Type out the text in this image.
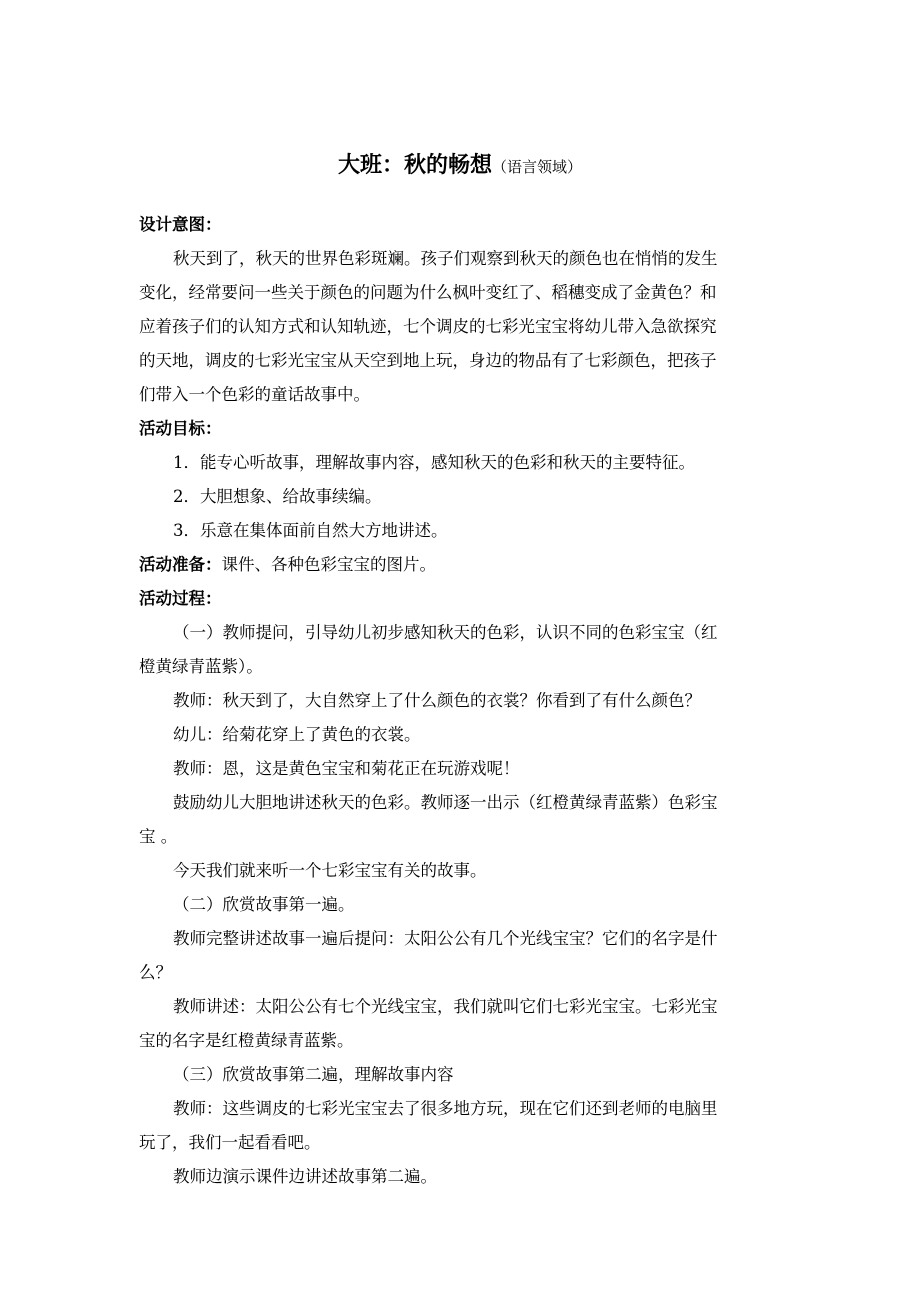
大班：秋的畅想（语言领域）
设计意图：
秋天到了，秋天的世界色彩斑斓。孩子们观察到秋天的颜色也在悄悄的发生
变化，经常要问一些关于颜色的问题为什么枫叶变红了、稻穗变成了金黄色？和
应着孩子们的认知方式和认知轨迹，七个调皮的七彩光宝宝将幼儿带入急欲探究
的天地，调皮的七彩光宝宝从天空到地上玩，身边的物品有了七彩颜色，把孩子
们带入一个色彩的童话故事中。
活动目标：
1．能专心听故事，理解故事内容，感知秋天的色彩和秋天的主要特征。
2．大胆想象、给故事续编。
3．乐意在集体面前自然大方地讲述。
活动准备：课件、各种色彩宝宝的图片。
活动过程：
（一）教师提问，引导幼儿初步感知秋天的色彩，认识不同的色彩宝宝（红
橙黄绿青蓝紫）。
教师：秋天到了，大自然穿上了什么颜色的衣裳？你看到了有什么颜色？
幼儿：给菊花穿上了黄色的衣裳。
教师：恩，这是黄色宝宝和菊花正在玩游戏呢！
鼓励幼儿大胆地讲述秋天的色彩。教师逐一出示（红橙黄绿青蓝紫）色彩宝
宝 。
今天我们就来听一个七彩宝宝有关的故事。
（二）欣赏故事第一遍。
教师完整讲述故事一遍后提问：太阳公公有几个光线宝宝？它们的名字是什
么？
教师讲述：太阳公公有七个光线宝宝，我们就叫它们七彩光宝宝。七彩光宝
宝的名字是红橙黄绿青蓝紫。
（三）欣赏故事第二遍，理解故事内容
教师：这些调皮的七彩光宝宝去了很多地方玩，现在它们还到老师的电脑里
玩了，我们一起看看吧。
教师边演示课件边讲述故事第二遍。
